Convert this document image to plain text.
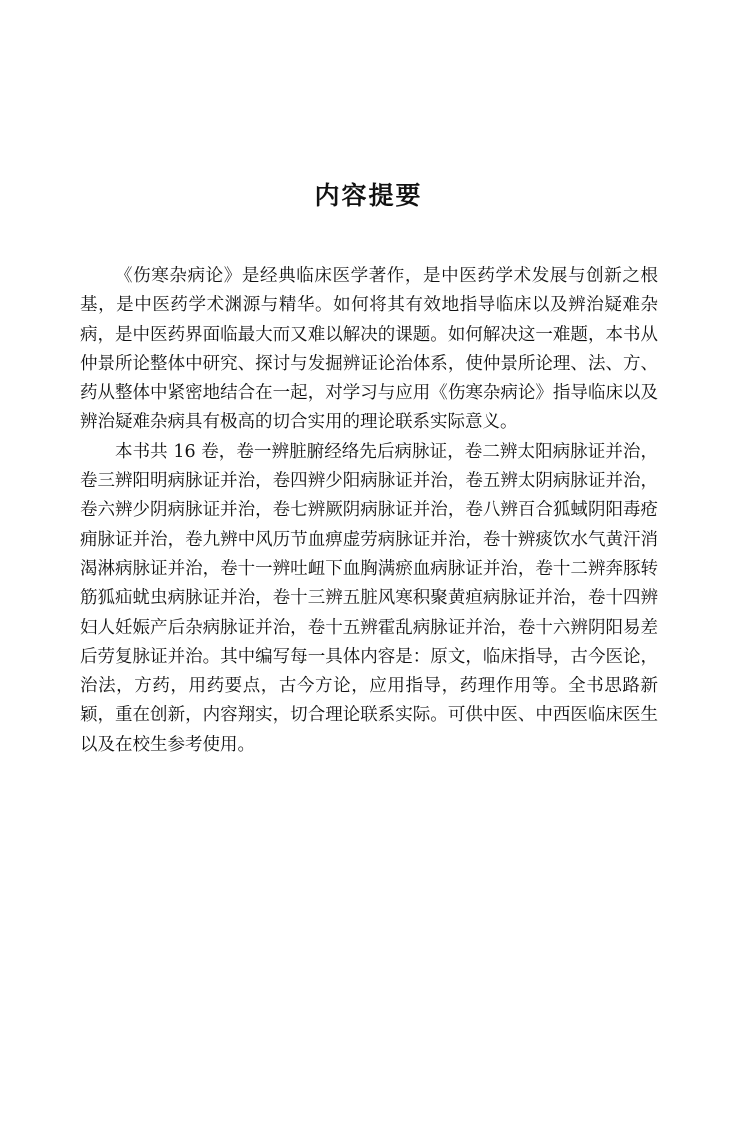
内容提要

《伤寒杂病论》是经典临床医学著作，是中医药学术发展与创新之根基，是中医药学术渊源与精华。如何将其有效地指导临床以及辨治疑难杂病，是中医药界面临最大而又难以解决的课题。如何解决这一难题，本书从仲景所论整体中研究、探讨与发掘辨证论治体系，使仲景所论理、法、方、药从整体中紧密地结合在一起，对学习与应用《伤寒杂病论》指导临床以及辨治疑难杂病具有极高的切合实用的理论联系实际意义。

本书共 16 卷，卷一辨脏腑经络先后病脉证，卷二辨太阳病脉证并治，卷三辨阳明病脉证并治，卷四辨少阳病脉证并治，卷五辨太阴病脉证并治，卷六辨少阴病脉证并治，卷七辨厥阴病脉证并治，卷八辨百合狐蜮阴阳毒疮痈脉证并治，卷九辨中风历节血痹虚劳病脉证并治，卷十辨痰饮水气黄汗消渴淋病脉证并治，卷十一辨吐衄下血胸满瘀血病脉证并治，卷十二辨奔豚转筋狐疝蚘虫病脉证并治，卷十三辨五脏风寒积聚黄疸病脉证并治，卷十四辨妇人妊娠产后杂病脉证并治，卷十五辨霍乱病脉证并治，卷十六辨阴阳易差后劳复脉证并治。其中编写每一具体内容是：原文，临床指导，古今医论，治法，方药，用药要点，古今方论，应用指导，药理作用等。全书思路新颖，重在创新，内容翔实，切合理论联系实际。可供中医、中西医临床医生以及在校生参考使用。
